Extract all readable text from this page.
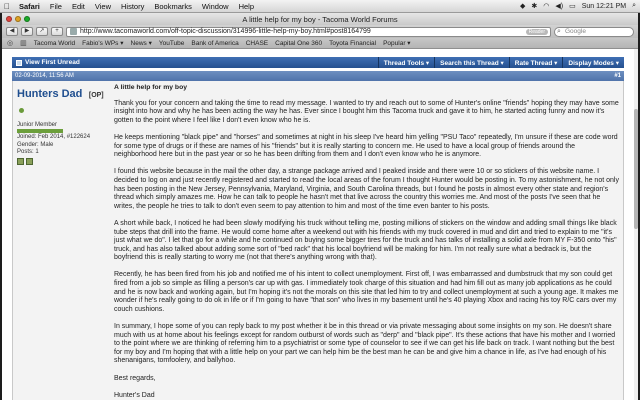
Safari	File	Edit	View	History	Bookmarks	Window	Help	◆ ✱ ◠ ◀) ▭ Sun 12:21 PM ⌕
A little help for my boy - Tacoma World Forums
◀	▶	↗	+	http://www.tacomaworld.com/off-topic-discussion/314996-little-help-my-boy.html#post8164799	Reader	⌕ Google
◎ ▥ Tacoma World Fabio's WPs ▾ News ▾ YouTube Bank of America CHASE Capital One 360 Toyota Financial Popular ▾
View First Unread	Thread Tools ▾	Search this Thread ▾	Rate Thread ▾	Display Modes ▾
02-09-2014, 11:56 AM	#1
Hunters Dad [OP]
Junior Member
Joined: Feb 2014, #122624
Gender: Male
Posts: 1
A little help for my boy

Thank you for your concern and taking the time to read my message. I wanted to try and reach out to some of Hunter's online "friends" hoping they may have some insight into how and why he has been acting the way he has. Ever since I bought him this Tacoma truck and gave it to him, he started acting funny and now it's gotten to the point where I feel like I don't even know who he is.

He keeps mentioning "black pipe" and "horses" and sometimes at night in his sleep I've heard him yelling "PSU Taco" repeatedly, I'm unsure if these are code word for some type of drugs or if these are names of his "friends" but it is really starting to concern me. He used to have a local group of friends around the neighborhood here but in the past year or so he has been drifting from them and I don't even know who he is anymore.

I found this website because in the mail the other day, a strange package arrived and I peaked inside and there were 10 or so stickers of this website name. I decided to log on and just recently registered and started to read the local areas of the forum I thought Hunter would be posting in. To my astonishment, he not only has been posting in the New Jersey, Pennsylvania, Maryland, Virginia, and South Carolina threads, but I found he posts in almost every other state and region's thread which simply amazes me. How he can talk to people he hasn't met that live across the country this worries me. And most of the posts I've seen that he writes, the people he tries to talk to don't even seem to pay attention to him and most of the time even banter to his posts.

A short while back, I noticed he had been slowly modifying his truck without telling me, posting millions of stickers on the window and adding small things like black tube steps that drill into the frame. He would come home after a weekend out with his friends with my truck covered in mud and dirt and tried to explain to me "it's just what we do". I let that go for a while and he continued on buying some bigger tires for the truck and has talks of installing a solid axle from MY F-350 onto "his" truck, and has also talked about adding some sort of "bed rack" that his local boyfriend will be making for him. I'm not really sure what a bedrack is, but the boyfriend this is really starting to worry me (not that there's anything wrong with that).

Recently, he has been fired from his job and notified me of his intent to collect unemployment. First off, I was embarrassed and dumbstruck that my son could get fired from a job so simple as filling a person's car up with gas. I immediately took charge of this situation and had him fill out as many job applications as he could and he is now back and working again, but I'm hoping it's not the morals on this site that led him to try and collect unemployment at such a young age. It makes me wonder if he's really going to do ok in life or if I'm going to have "that son" who lives in my basement until he's 40 playing Xbox and racing his toy R/C cars over my couch cushions.

In summary, I hope some of you can reply back to my post whether it be in this thread or via private messaging about some insights on my son. He doesn't share much with us at home about his feelings except for random outburst of words such as "derp" and "black pipe". It's these actions that have his mother and I worried to the point where we are thinking of referring him to a psychiatrist or some type of counselor to see if we can get his life back on track. I want nothing but the best for my boy and I'm hoping that with a little help on your part we can help him be the best man he can be and give him a chance in life, as I've had enough of his shenanigans, tomfoolery, and ballyhoo.

Best regards,

Hunter's Dad
